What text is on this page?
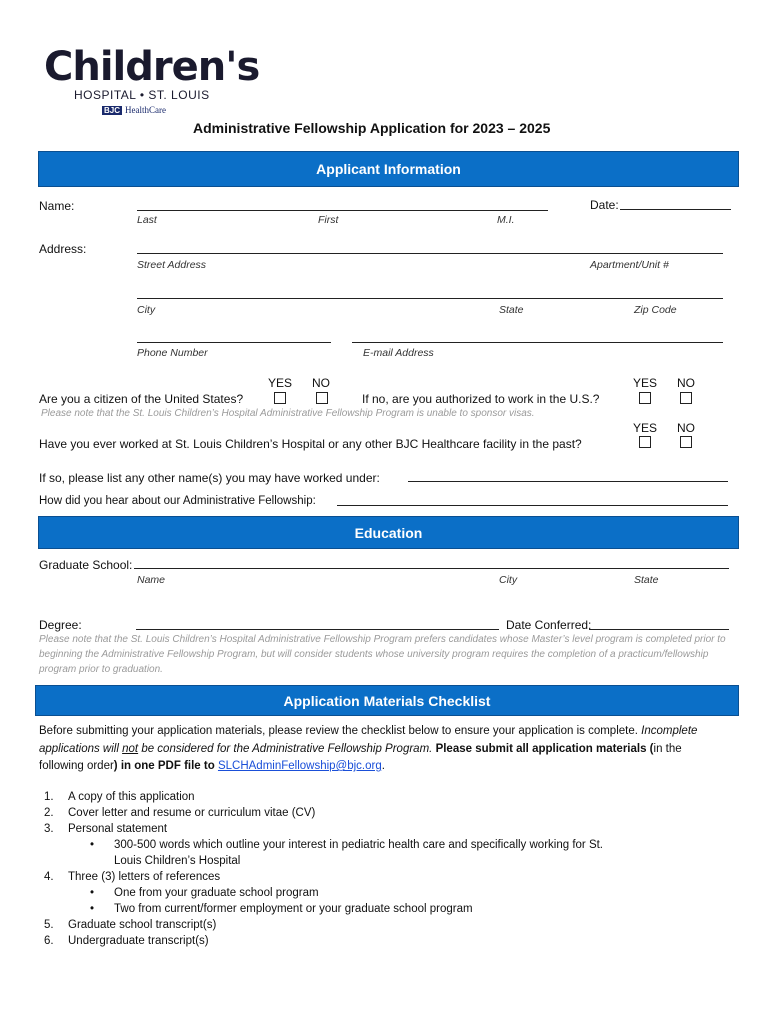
Children's
HOSPITAL • ST. LOUIS
BJC HealthCare
Administrative Fellowship Application for 2023 – 2025
Applicant Information
Name:	Date:
Last	First	M.I.
Address:
Street Address	Apartment/Unit #
City	State	Zip Code
Phone Number	E-mail Address
YES NO
Are you a citizen of the United States?	If no, are you authorized to work in the U.S.?
YES NO
Please note that the St. Louis Children’s Hospital Administrative Fellowship Program is unable to sponsor visas.
YES NO
Have you ever worked at St. Louis Children’s Hospital or any other BJC Healthcare facility in the past?
If so, please list any other name(s) you may have worked under:
How did you hear about our Administrative Fellowship:
Education
Graduate School:
Name	City	State
Degree:	Date Conferred:
Please note that the St. Louis Children’s Hospital Administrative Fellowship Program prefers candidates whose Master’s level program is completed prior to beginning the Administrative Fellowship Program, but will consider students whose university program requires the completion of a practicum/fellowship program prior to graduation.
Application Materials Checklist
Before submitting your application materials, please review the checklist below to ensure your application is complete. Incomplete applications will not be considered for the Administrative Fellowship Program. Please submit all application materials (in the following order) in one PDF file to SLCHAdminFellowship@bjc.org.
1.	A copy of this application
2.	Cover letter and resume or curriculum vitae (CV)
3.	Personal statement
•	300-500 words which outline your interest in pediatric health care and specifically working for St. Louis Children’s Hospital
4.	Three (3) letters of references
•	One from your graduate school program
•	Two from current/former employment or your graduate school program
5.	Graduate school transcript(s)
6.	Undergraduate transcript(s)
